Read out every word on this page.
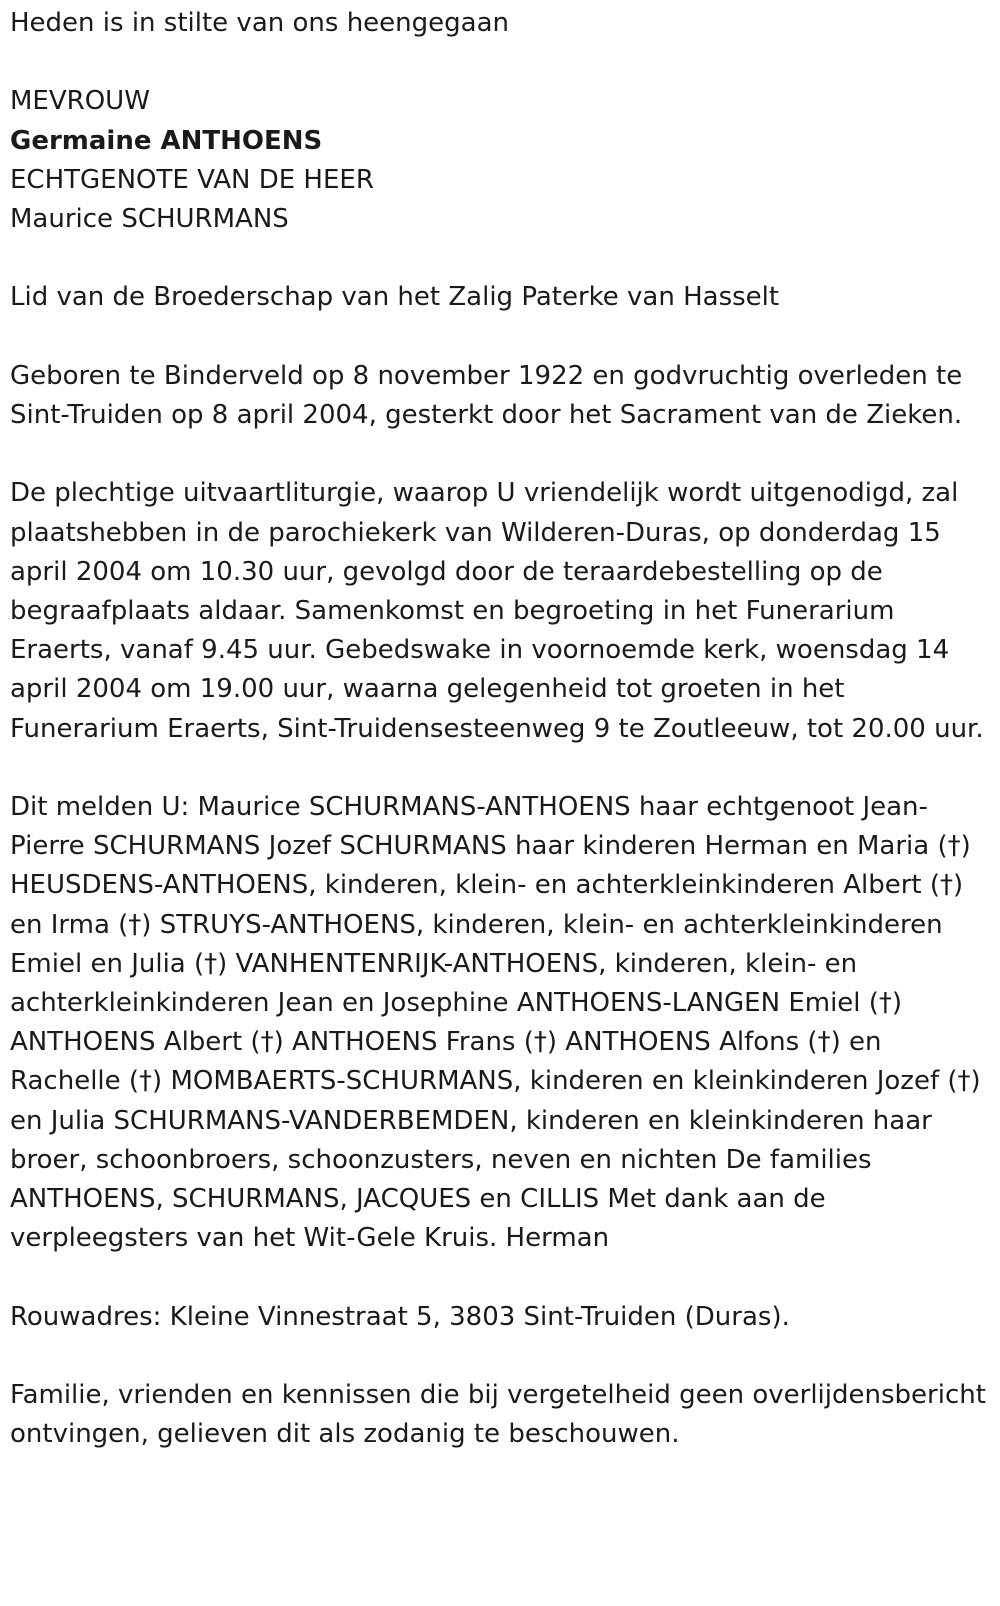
Heden is in stilte van ons heengegaan

MEVROUW
Germaine ANTHOENS
ECHTGENOTE VAN DE HEER
Maurice SCHURMANS

Lid van de Broederschap van het Zalig Paterke van Hasselt

Geboren te Binderveld op 8 november 1922 en godvruchtig overleden te Sint-Truiden op 8 april 2004, gesterkt door het Sacrament van de Zieken.

De plechtige uitvaartliturgie, waarop U vriendelijk wordt uitgenodigd, zal plaatshebben in de parochiekerk van Wilderen-Duras, op donderdag 15 april 2004 om 10.30 uur, gevolgd door de teraardebestelling op de begraafplaats aldaar. Samenkomst en begroeting in het Funerarium Eraerts, vanaf 9.45 uur. Gebedswake in voornoemde kerk, woensdag 14 april 2004 om 19.00 uur, waarna gelegenheid tot groeten in het Funerarium Eraerts, Sint-Truidensesteenweg 9 te Zoutleeuw, tot 20.00 uur.

Dit melden U: Maurice SCHURMANS-ANTHOENS haar echtgenoot Jean-Pierre SCHURMANS Jozef SCHURMANS haar kinderen Herman en Maria (†) HEUSDENS-ANTHOENS, kinderen, klein- en achterkleinkinderen Albert (†) en Irma (†) STRUYS-ANTHOENS, kinderen, klein- en achterkleinkinderen Emiel en Julia (†) VANHENTENRIJK-ANTHOENS, kinderen, klein- en achterkleinkinderen Jean en Josephine ANTHOENS-LANGEN Emiel (†) ANTHOENS Albert (†) ANTHOENS Frans (†) ANTHOENS Alfons (†) en Rachelle (†) MOMBAERTS-SCHURMANS, kinderen en kleinkinderen Jozef (†) en Julia SCHURMANS-VANDERBEMDEN, kinderen en kleinkinderen haar broer, schoonbroers, schoonzusters, neven en nichten De families ANTHOENS, SCHURMANS, JACQUES en CILLIS Met dank aan de verpleegsters van het Wit-Gele Kruis. Herman

Rouwadres: Kleine Vinnestraat 5, 3803 Sint-Truiden (Duras).

Familie, vrienden en kennissen die bij vergetelheid geen overlijdensbericht ontvingen, gelieven dit als zodanig te beschouwen.
